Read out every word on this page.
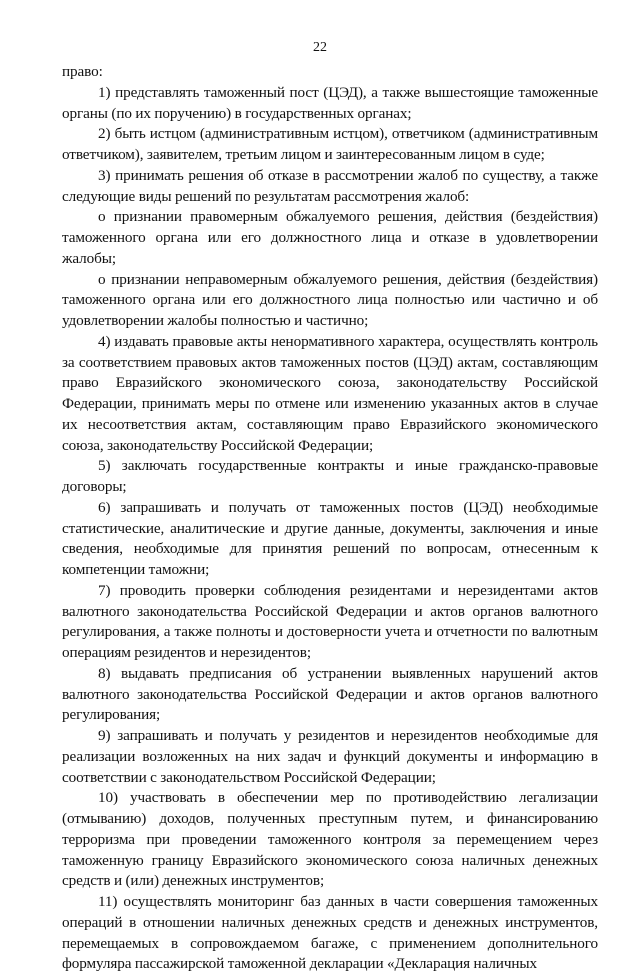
22

право:

1) представлять таможенный пост (ЦЭД), а также вышестоящие таможенные органы (по их поручению) в государственных органах;

2) быть истцом (административным истцом), ответчиком (административным ответчиком), заявителем, третьим лицом и заинтересованным лицом в суде;

3) принимать решения об отказе в рассмотрении жалоб по существу, а также следующие виды решений по результатам рассмотрения жалоб:

о признании правомерным обжалуемого решения, действия (бездействия) таможенного органа или его должностного лица и отказе в удовлетворении жалобы;

о признании неправомерным обжалуемого решения, действия (бездействия) таможенного органа или его должностного лица полностью или частично и об удовлетворении жалобы полностью и частично;

4) издавать правовые акты ненормативного характера, осуществлять контроль за соответствием правовых актов таможенных постов (ЦЭД) актам, составляющим право Евразийского экономического союза, законодательству Российской Федерации, принимать меры по отмене или изменению указанных актов в случае их несоответствия актам, составляющим право Евразийского экономического союза, законодательству Российской Федерации;

5) заключать государственные контракты и иные гражданско-правовые договоры;

6) запрашивать и получать от таможенных постов (ЦЭД) необходимые статистические, аналитические и другие данные, документы, заключения и иные сведения, необходимые для принятия решений по вопросам, отнесенным к компетенции таможни;

7) проводить проверки соблюдения резидентами и нерезидентами актов валютного законодательства Российской Федерации и актов органов валютного регулирования, а также полноты и достоверности учета и отчетности по валютным операциям резидентов и нерезидентов;

8) выдавать предписания об устранении выявленных нарушений актов валютного законодательства Российской Федерации и актов органов валютного регулирования;

9) запрашивать и получать у резидентов и нерезидентов необходимые для реализации возложенных на них задач и функций документы и информацию в соответствии с законодательством Российской Федерации;

10) участвовать в обеспечении мер по противодействию легализации (отмыванию) доходов, полученных преступным путем, и финансированию терроризма при проведении таможенного контроля за перемещением через таможенную границу Евразийского экономического союза наличных денежных средств и (или) денежных инструментов;

11) осуществлять мониторинг баз данных в части совершения таможенных операций в отношении наличных денежных средств и денежных инструментов, перемещаемых в сопровождаемом багаже, с применением дополнительного формуляра пассажирской таможенной декларации «Декларация наличных
